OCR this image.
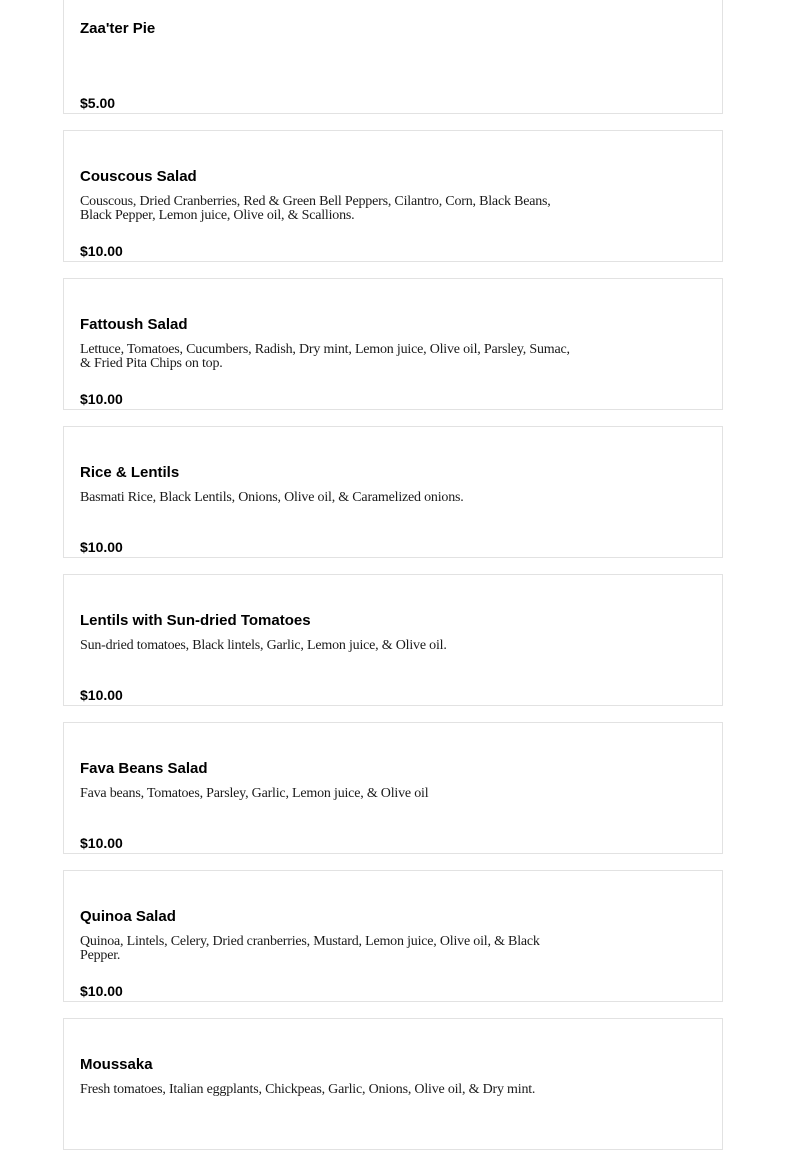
Zaa'ter Pie
$5.00
Couscous Salad
Couscous, Dried Cranberries, Red & Green Bell Peppers, Cilantro, Corn, Black Beans, Black Pepper, Lemon juice, Olive oil, & Scallions.
$10.00
Fattoush Salad
Lettuce, Tomatoes, Cucumbers, Radish, Dry mint, Lemon juice, Olive oil, Parsley, Sumac, & Fried Pita Chips on top.
$10.00
Rice & Lentils
Basmati Rice, Black Lentils, Onions, Olive oil, & Caramelized onions.
$10.00
Lentils with Sun-dried Tomatoes
Sun-dried tomatoes, Black lintels, Garlic, Lemon juice, & Olive oil.
$10.00
Fava Beans Salad
Fava beans, Tomatoes, Parsley, Garlic, Lemon juice, & Olive oil
$10.00
Quinoa Salad
Quinoa, Lintels, Celery, Dried cranberries, Mustard, Lemon juice, Olive oil, & Black Pepper.
$10.00
Moussaka
Fresh tomatoes, Italian eggplants, Chickpeas, Garlic, Onions, Olive oil, & Dry mint.
